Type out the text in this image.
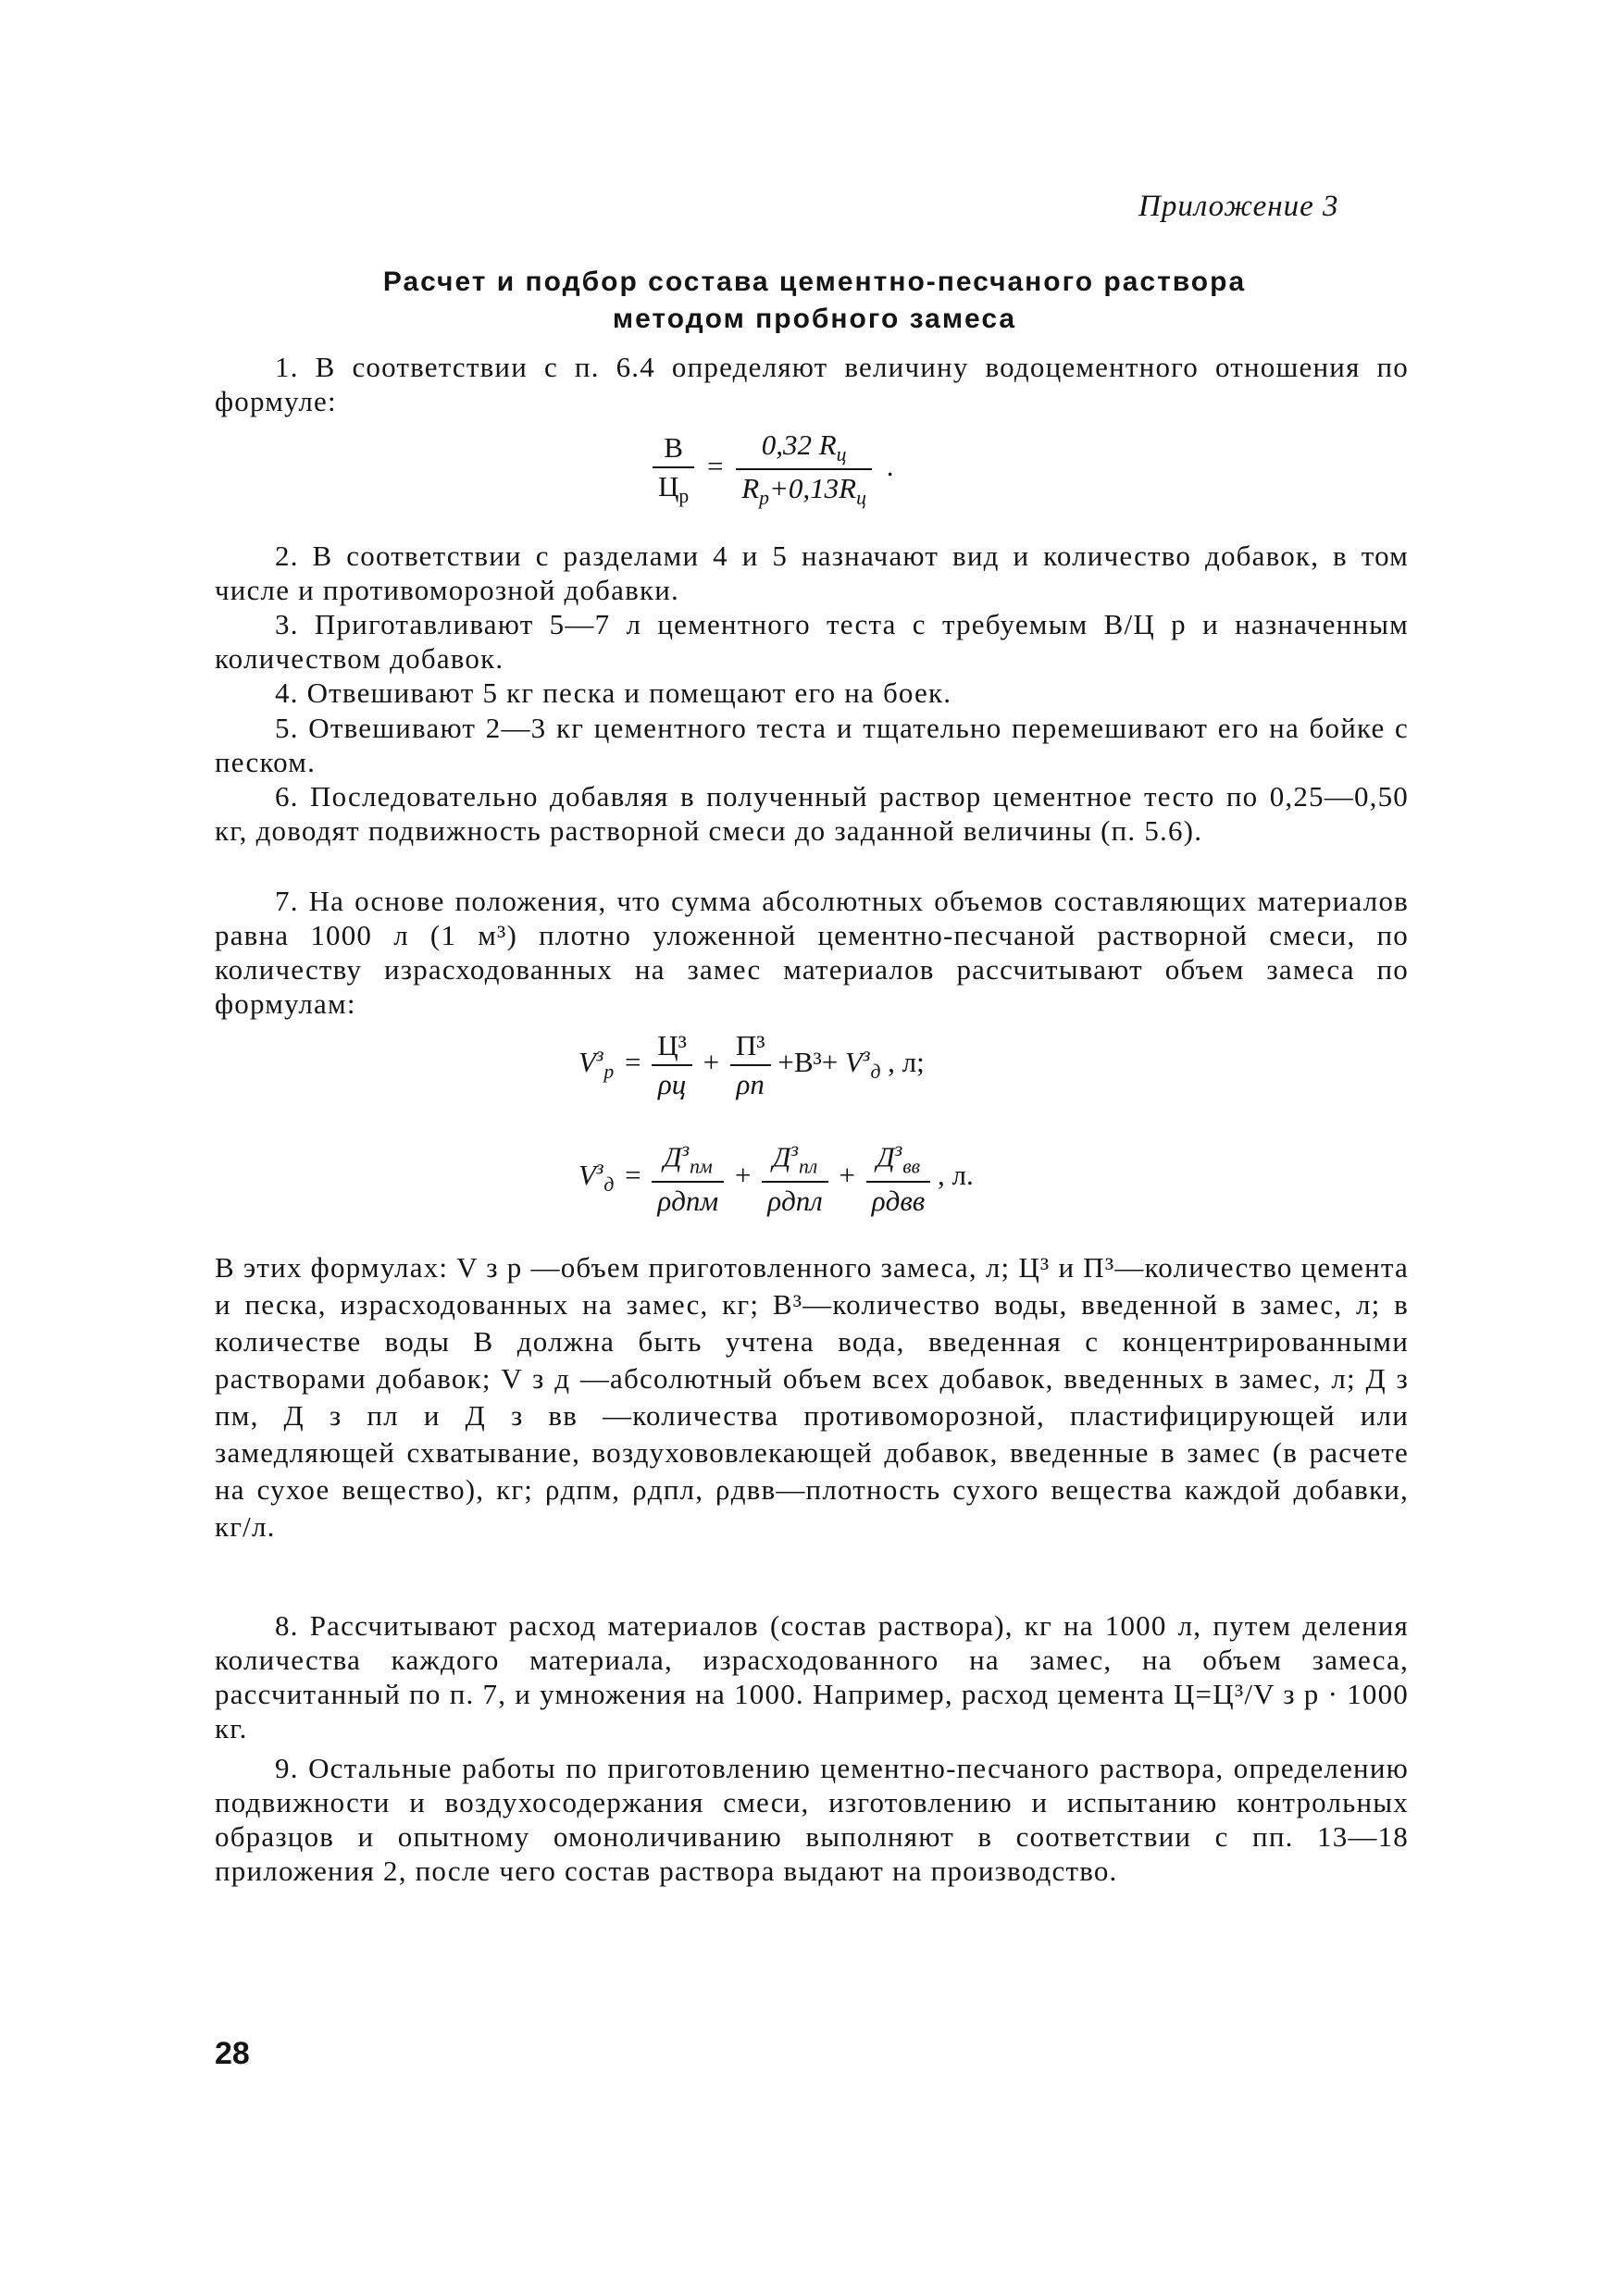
Приложение 3
Расчет и подбор состава цементно-песчаного раствора
методом пробного замеса

1. В соответствии с п. 6.4 определяют величину водоцементного отношения по формуле:

$\frac{В}{Ц_р} = \frac{0,32 R_ц}{R_р+0,13R_ц}$ .

2. В соответствии с разделами 4 и 5 назначают вид и количество добавок, в том числе и противоморозной добавки.

3. Приготавливают 5—7 л цементного теста с требуемым В/Ц р и назначенным количеством добавок.

4. Отвешивают 5 кг песка и помещают его на боек.

5. Отвешивают 2—3 кг цементного теста и тщательно перемешивают его на бойке с песком.

6. Последовательно добавляя в полученный раствор цементное тесто по 0,25—0,50 кг, доводят подвижность растворной смеси до заданной величины (п. 5.6).

7. На основе положения, что сумма абсолютных объемов составляющих материалов равна 1000 л (1 м³) плотно уложенной цементно-песчаной растворной смеси, по количеству израсходованных на замес материалов рассчитывают объем замеса по формулам:

$V^з_р = \frac{\text{Ц³}}{\rho ц} + \frac{\text{П³}}{\rho п} +В^3+ V^з_д$ , л;
$V^з_д = \frac{Д^з_{пм}}{\text{ρдпм}} + \frac{Д^з_{пл}}{\text{ρдпл}} + \frac{Д^з_{вв}}{\text{ρдвв}}$ , л.

В этих формулах: V з р —объем приготовленного замеса, л; Ц³ и П³—количество цемента и песка, израсходованных на замес, кг; В³—количество воды, введенной в замес, л; в количестве воды В должна быть учтена вода, введенная с концентрированными растворами добавок; V з д —абсолютный объем всех добавок, введенных в замес, л; Д з пм, Д з пл и Д з вв —количества противоморозной, пластифицирующей или замедляющей схватывание, воздухововлекающей добавок, введенные в замес (в расчете на сухое вещество), кг; ρдпм, ρдпл, ρдвв—плотность сухого вещества каждой добавки, кг/л.

8. Рассчитывают расход материалов (состав раствора), кг на 1000 л, путем деления количества каждого материала, израсходованного на замес, на объем замеса, рассчитанный по п. 7, и умножения на 1000. Например, расход цемента Ц=Ц³/V з р · 1000 кг.

9. Остальные работы по приготовлению цементно-песчаного раствора, определению подвижности и воздухосодержания смеси, изготовлению и испытанию контрольных образцов и опытному омоноличиванию выполняют в соответствии с пп. 13—18 приложения 2, после чего состав раствора выдают на производство.

28
